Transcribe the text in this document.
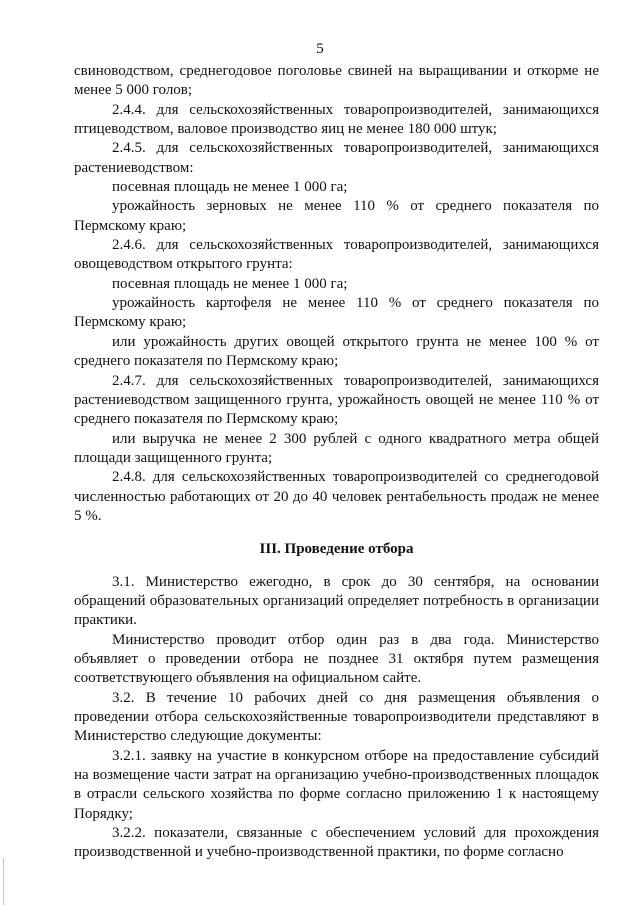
5

свиноводством, среднегодовое поголовье свиней на выращивании и откорме не менее 5 000 голов;

2.4.4. для сельскохозяйственных товаропроизводителей, занимающихся птицеводством, валовое производство яиц не менее 180 000 штук;

2.4.5. для сельскохозяйственных товаропроизводителей, занимающихся растениеводством:

посевная площадь не менее 1 000 га;

урожайность зерновых не менее 110 % от среднего показателя по Пермскому краю;

2.4.6. для сельскохозяйственных товаропроизводителей, занимающихся овощеводством открытого грунта:

посевная площадь не менее 1 000 га;

урожайность картофеля не менее 110 % от среднего показателя по Пермскому краю;

или урожайность других овощей открытого грунта не менее 100 % от среднего показателя по Пермскому краю;

2.4.7. для сельскохозяйственных товаропроизводителей, занимающихся растениеводством защищенного грунта, урожайность овощей не менее 110 % от среднего показателя по Пермскому краю;

или выручка не менее 2 300 рублей с одного квадратного метра общей площади защищенного грунта;

2.4.8. для сельскохозяйственных товаропроизводителей со среднегодовой численностью работающих от 20 до 40 человек рентабельность продаж не менее 5 %.

III. Проведение отбора

3.1. Министерство ежегодно, в срок до 30 сентября, на основании обращений образовательных организаций определяет потребность в организации практики.

Министерство проводит отбор один раз в два года. Министерство объявляет о проведении отбора не позднее 31 октября путем размещения соответствующего объявления на официальном сайте.

3.2. В течение 10 рабочих дней со дня размещения объявления о проведении отбора сельскохозяйственные товаропроизводители представляют в Министерство следующие документы:

3.2.1. заявку на участие в конкурсном отборе на предоставление субсидий на возмещение части затрат на организацию учебно-производственных площадок в отрасли сельского хозяйства по форме согласно приложению 1 к настоящему Порядку;

3.2.2. показатели, связанные с обеспечением условий для прохождения производственной и учебно-производственной практики, по форме согласно
